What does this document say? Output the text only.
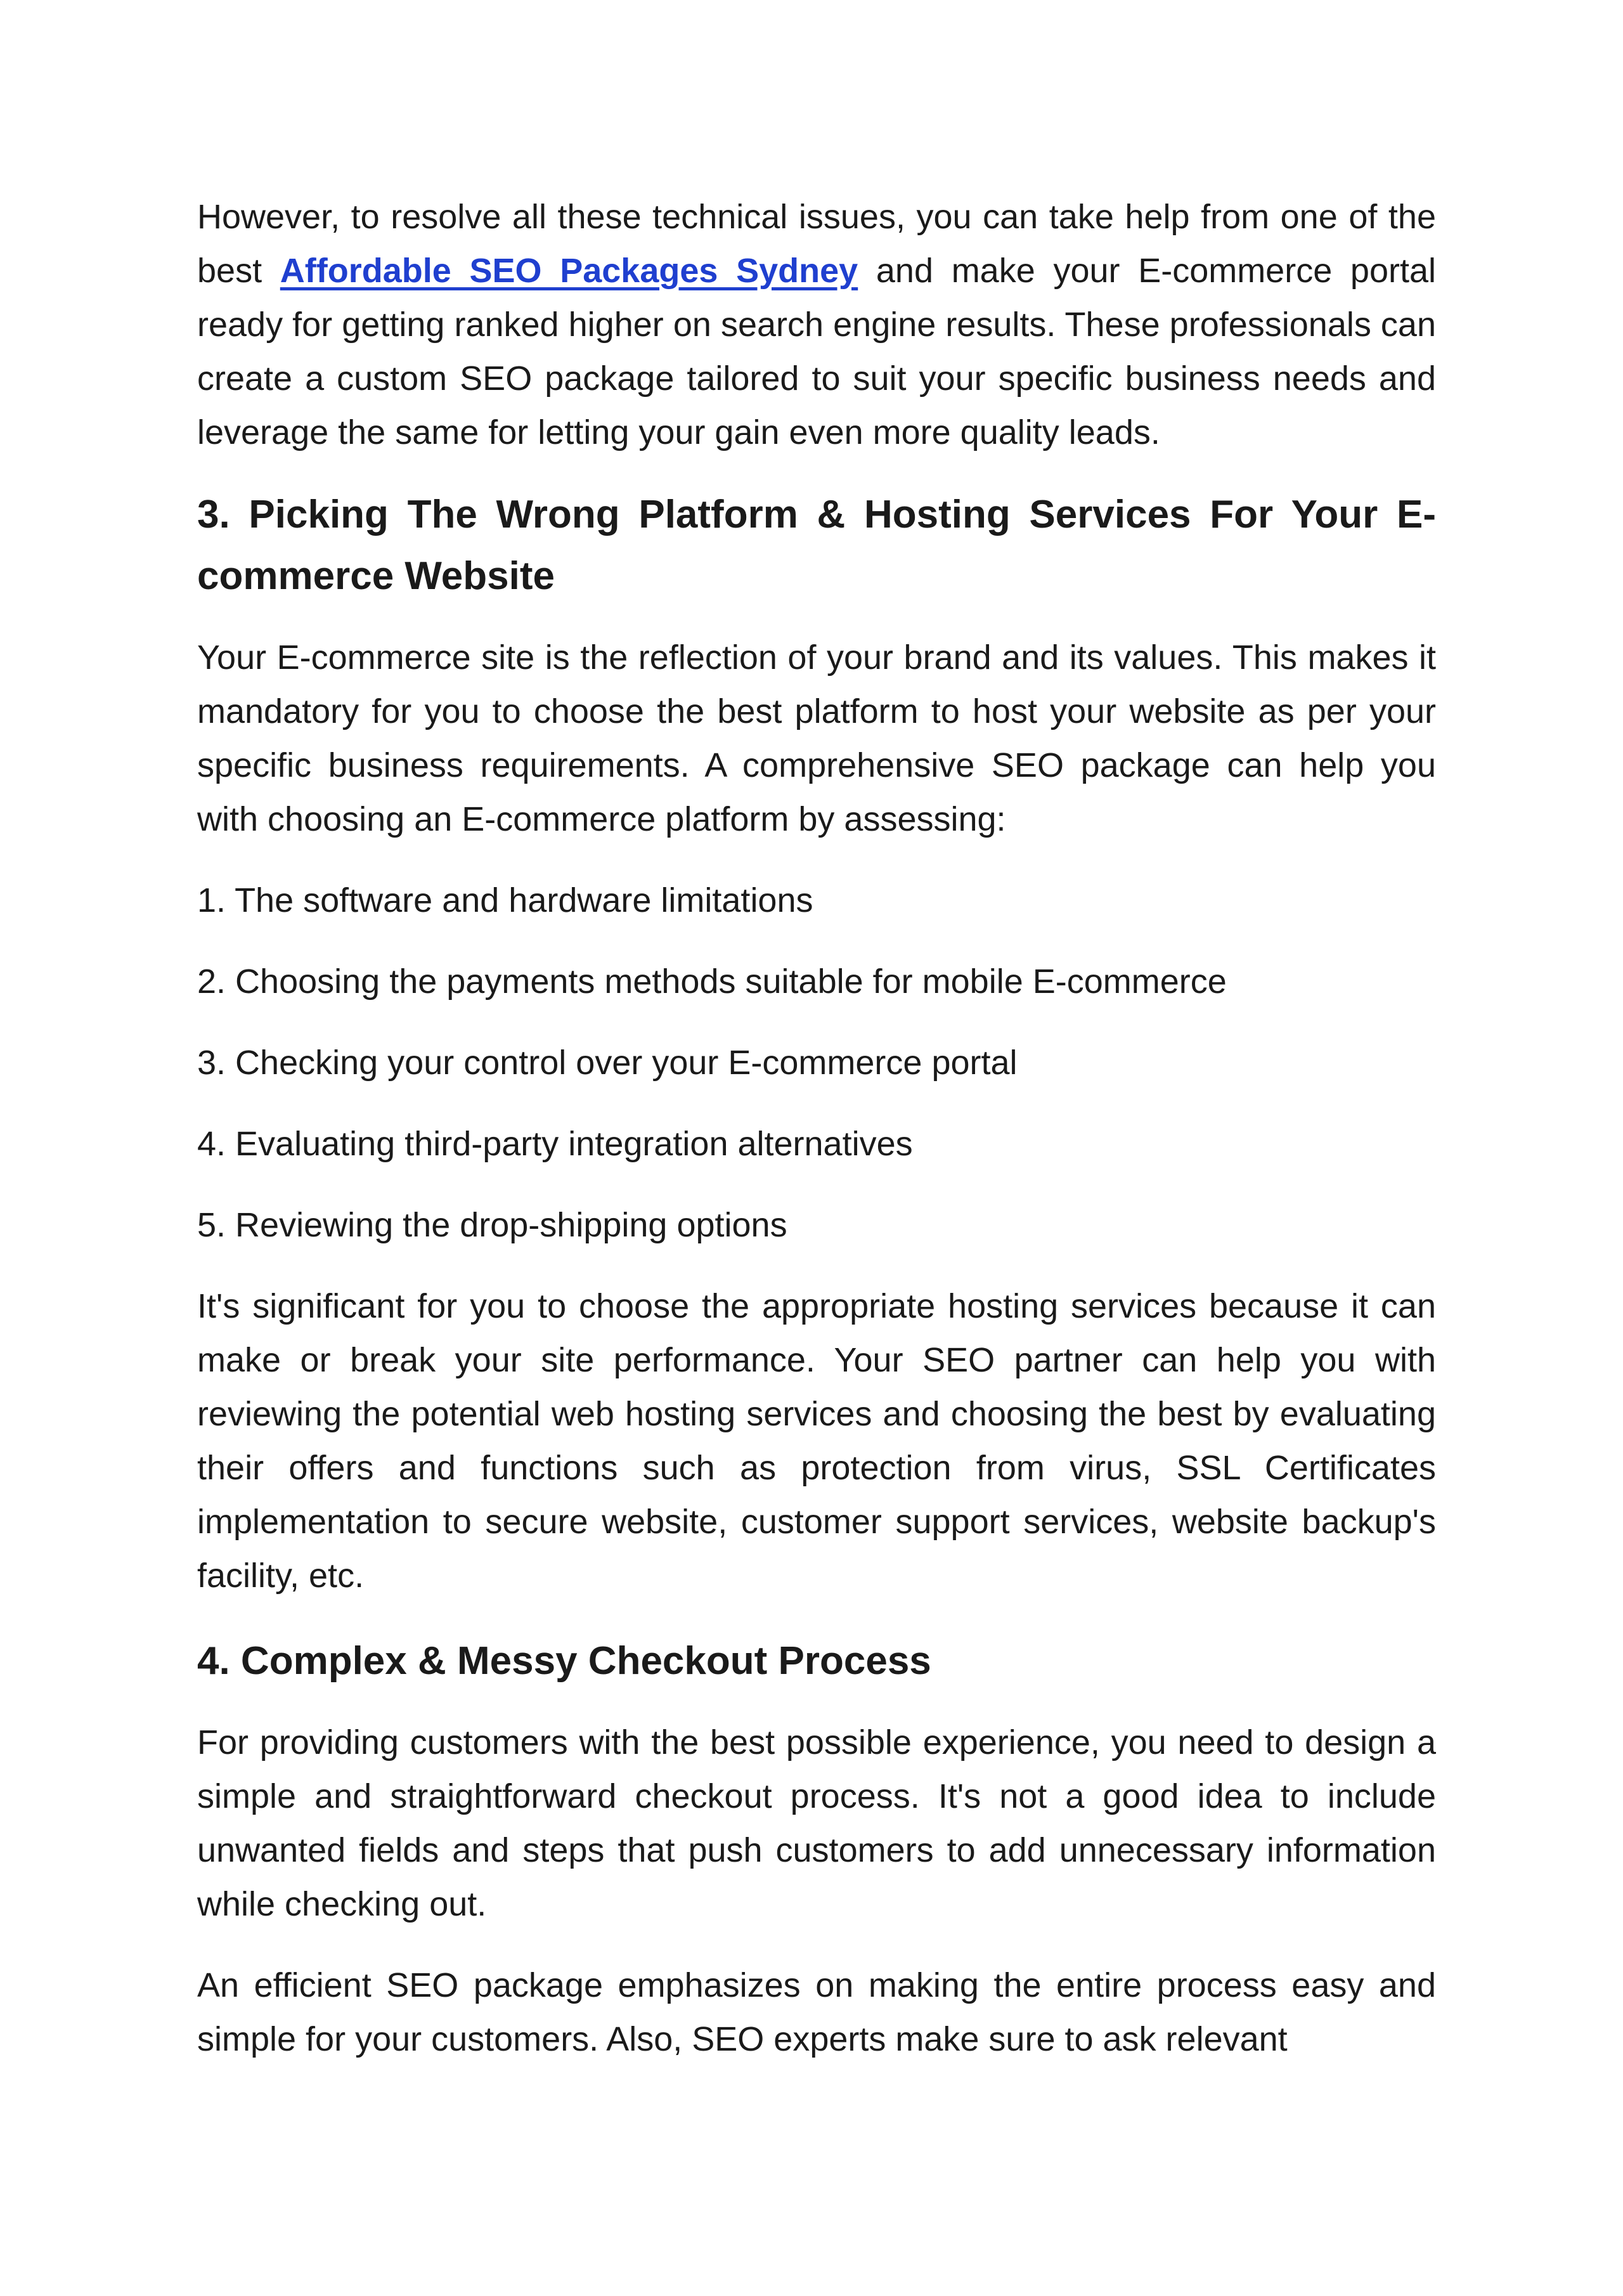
However, to resolve all these technical issues, you can take help from one of the best Affordable SEO Packages Sydney and make your E-commerce portal ready for getting ranked higher on search engine results. These professionals can create a custom SEO package tailored to suit your specific business needs and leverage the same for letting your gain even more quality leads.

3. Picking The Wrong Platform & Hosting Services For Your E-commerce Website

Your E-commerce site is the reflection of your brand and its values. This makes it mandatory for you to choose the best platform to host your website as per your specific business requirements. A comprehensive SEO package can help you with choosing an E-commerce platform by assessing:

1. The software and hardware limitations
2. Choosing the payments methods suitable for mobile E-commerce
3. Checking your control over your E-commerce portal
4. Evaluating third-party integration alternatives
5. Reviewing the drop-shipping options

It's significant for you to choose the appropriate hosting services because it can make or break your site performance. Your SEO partner can help you with reviewing the potential web hosting services and choosing the best by evaluating their offers and functions such as protection from virus, SSL Certificates implementation to secure website, customer support services, website backup's facility, etc.

4. Complex & Messy Checkout Process

For providing customers with the best possible experience, you need to design a simple and straightforward checkout process. It's not a good idea to include unwanted fields and steps that push customers to add unnecessary information while checking out.

An efficient SEO package emphasizes on making the entire process easy and simple for your customers. Also, SEO experts make sure to ask relevant
